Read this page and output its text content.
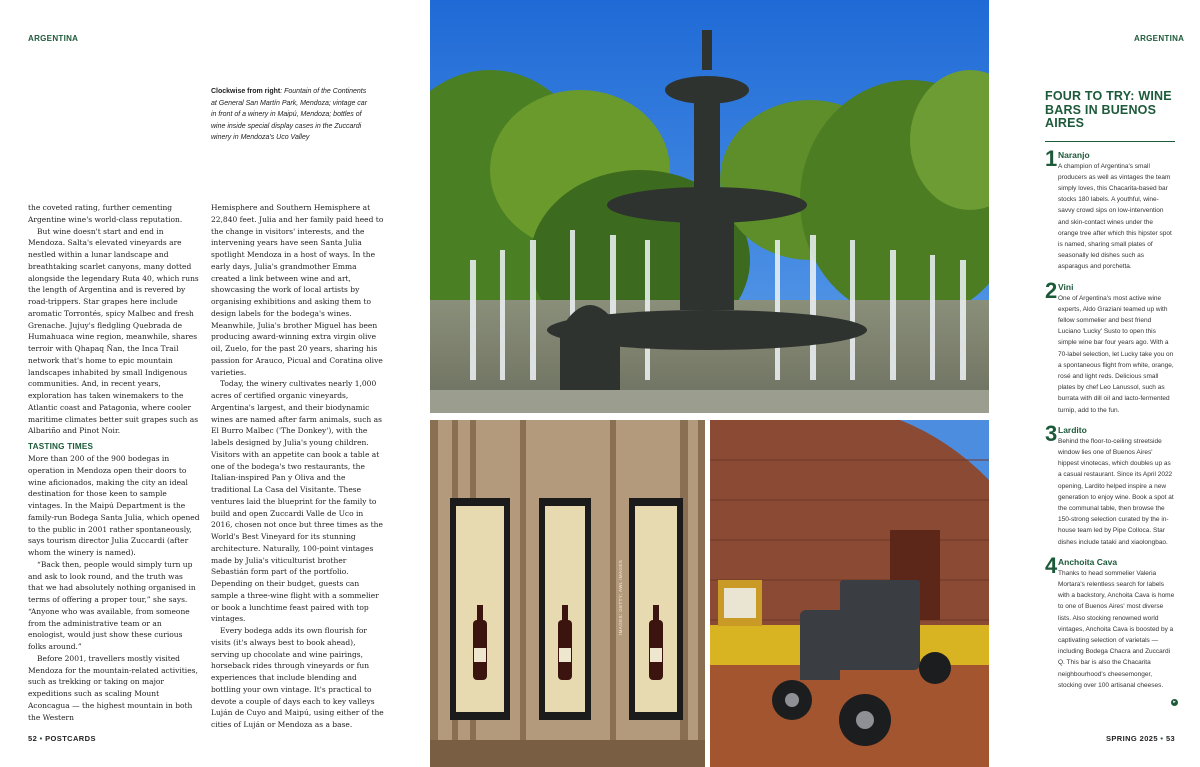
ARGENTINA	ARGENTINA
Clockwise from right: Fountain of the Continents at General San Martín Park, Mendoza; vintage car in front of a winery in Maipú, Mendoza; bottles of wine inside special display cases in the Zuccardi winery in Mendoza's Uco Valley

the coveted rating, further cementing Argentine wine's world-class reputation.

But wine doesn't start and end in Mendoza. Salta's elevated vineyards are nestled within a lunar landscape and breathtaking scarlet canyons, many dotted alongside the legendary Ruta 40, which runs the length of Argentina and is revered by road-trippers. Star grapes here include aromatic Torrontés, spicy Malbec and fresh Grenache. Jujuy's fledgling Quebrada de Humahuaca wine region, meanwhile, shares terroir with Qhapaq Ñan, the Inca Trail network that's home to epic mountain landscapes inhabited by small Indigenous communities. And, in recent years, exploration has taken winemakers to the Atlantic coast and Patagonia, where cooler maritime climates better suit grapes such as Albariño and Pinot Noir.

TASTING TIMES

More than 200 of the 900 bodegas in operation in Mendoza open their doors to wine aficionados, making the city an ideal destination for those keen to sample vintages. In the Maipú Department is the family-run Bodega Santa Julia, which opened to the public in 2001 rather spontaneously, says tourism director Julia Zuccardi (after whom the winery is named).

“Back then, people would simply turn up and ask to look round, and the truth was that we had absolutely nothing organised in terms of offering a proper tour,” she says. “Anyone who was available, from someone from the administrative team or an enologist, would just show these curious folks around.”

Before 2001, travellers mostly visited Mendoza for the mountain-related activities, such as trekking or taking on major expeditions such as scaling Mount Aconcagua — the highest mountain in both the Western

Hemisphere and Southern Hemisphere at 22,840 feet. Julia and her family paid heed to the change in visitors' interests, and the intervening years have seen Santa Julia spotlight Mendoza in a host of ways. In the early days, Julia's grandmother Emma created a link between wine and art, showcasing the work of local artists by organising exhibitions and asking them to design labels for the bodega's wines. Meanwhile, Julia's brother Miguel has been producing award-winning extra virgin olive oil, Zuelo, for the past 20 years, sharing his passion for Arauco, Picual and Coratina olive varieties.

Today, the winery cultivates nearly 1,000 acres of certified organic vineyards, Argentina's largest, and their biodynamic wines are named after farm animals, such as El Burro Malbec ('The Donkey'), with the labels designed by Julia's young children. Visitors with an appetite can book a table at one of the bodega's two restaurants, the Italian-inspired Pan y Oliva and the traditional La Casa del Visitante. These ventures laid the blueprint for the family to build and open Zuccardi Valle de Uco in 2016, chosen not once but three times as the World's Best Vineyard for its stunning architecture. Naturally, 100-point vintages made by Julia's viticulturist brother Sebastián form part of the portfolio. Depending on their budget, guests can sample a three-wine flight with a sommelier or book a lunchtime feast paired with top vintages.

Every bodega adds its own flourish for visits (it's always best to book ahead), serving up chocolate and wine pairings, horseback rides through vineyards or fun experiences that include blending and bottling your own vintage. It's practical to devote a couple of days each to key valleys Luján de Cuyo and Maipú, using either of the cities of Luján or Mendoza as a base.

IMAGES: GETTY; AWL IMAGES
FOUR TO TRY: WINE BARS IN BUENOS AIRES
1 Naranjo
A champion of Argentina's small producers as well as vintages the team simply loves, this Chacarita-based bar stocks 180 labels. A youthful, wine-savvy crowd sips on low-intervention and skin-contact wines under the orange tree after which this hipster spot is named, sharing small plates of seasonally led dishes such as asparagus and porchetta.
2 Vini
One of Argentina's most active wine experts, Aldo Graziani teamed up with fellow sommelier and best friend Luciano 'Lucky' Susto to open this simple wine bar four years ago. With a 70-label selection, let Lucky take you on a spontaneous flight from white, orange, rosé and light reds. Delicious small plates by chef Leo Lanussol, such as burrata with dill oil and lacto-fermented turnip, add to the fun.
3 Lardito
Behind the floor-to-ceiling streetside window lies one of Buenos Aires' hippest vinotecas, which doubles up as a casual restaurant. Since its April 2022 opening, Lardito helped inspire a new generation to enjoy wine. Book a spot at the communal table, then browse the 150-strong selection curated by the in-house team led by Pipe Colloca. Star dishes include tataki and xiaolongbao.
4 Anchoita Cava
Thanks to head sommelier Valeria Mortara's relentless search for labels with a backstory, Anchoita Cava is home to one of Buenos Aires' most diverse lists. Also stocking renowned world vintages, Anchoita Cava is boosted by a captivating selection of varietals — including Bodega Chacra and Zuccardi Q. This bar is also the Chacarita neighbourhood's cheesemonger, stocking over 100 artisanal cheeses.
▸
52 • POSTCARDS	SPRING 2025 • 53
